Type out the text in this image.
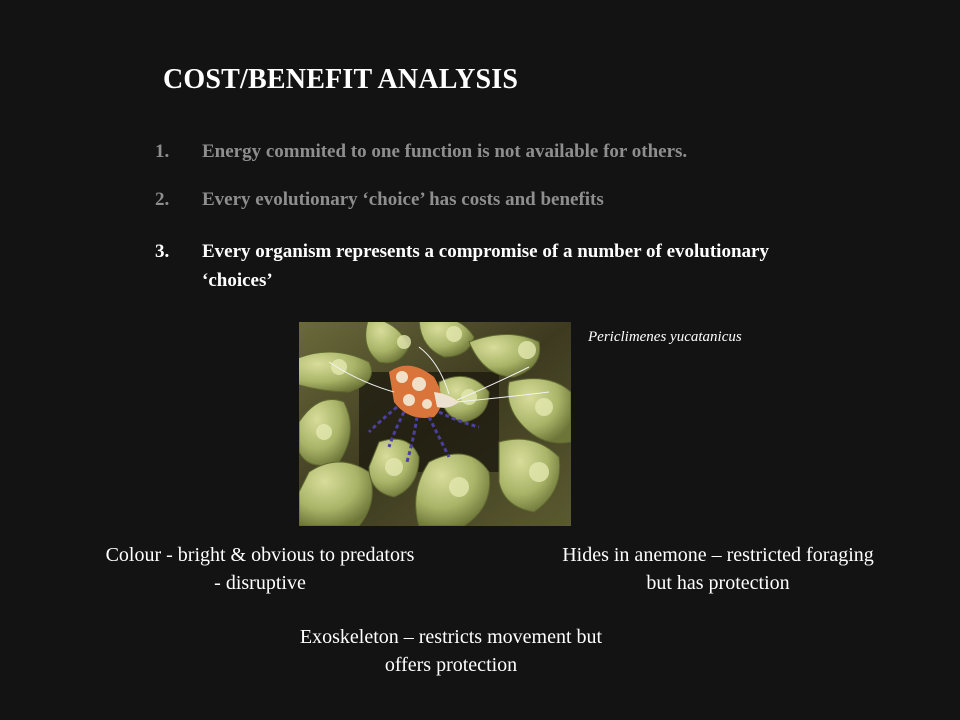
COST/BENEFIT ANALYSIS
1.	Energy commited to one function is not available for others.
2.	Every evolutionary ‘choice’ has costs and benefits
3.	Every organism represents a compromise of a number of evolutionary ‘choices’
Periclimenes yucatanicus
Colour - bright & obvious to predators
- disruptive
Hides in anemone – restricted foraging
but has protection
Exoskeleton – restricts movement but
offers protection
